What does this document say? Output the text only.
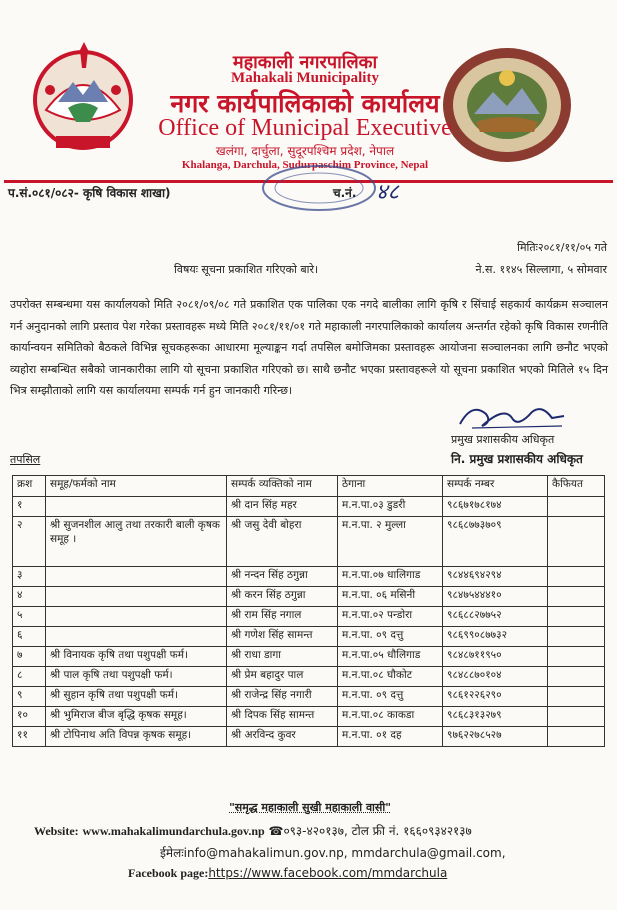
महाकाली नगरपालिका
Mahakali Municipality
नगर कार्यपालिकाको कार्यालय
Office of Municipal Executive
खलंगा, दार्चुला, सुदूरपश्चिम प्रदेश, नेपाल
Khalanga, Darchula, Sudurpaschim Province, Nepal
प.सं.०८१/०८२- कृषि विकास शाखा)	च.नं. ४८
मितिः२०८१/११/०५ गते
विषयः सूचना प्रकाशित गरिएको बारे।	ने.स. ११४५ सिल्लागा, ५ सोमवार
उपरोक्त सम्बन्धमा यस कार्यालयको मिति २०८१/०९/०८ गते प्रकाशित एक पालिका एक नगदे बालीका लागि कृषि र सिंचाई सहकार्य कार्यक्रम सञ्चालन गर्न अनुदानको लागि प्रस्ताव पेश गरेका प्रस्तावहरू मध्ये मिति २०८१/११/०१ गते महाकाली नगरपालिकाको कार्यालय अन्तर्गत रहेको कृषि विकास रणनीति कार्यान्वयन समितिको बैठकले विभिन्न सूचकहरूका आधारमा मूल्याङ्कन गर्दा तपसिल बमोजिमका प्रस्तावहरू आयोजना सञ्चालनका लागि छनौट भएको व्यहोरा सम्बन्धित सबैको जानकारीका लागि यो सूचना प्रकाशित गरिएको छ। साथै छनौट भएका प्रस्तावहरूले यो सूचना प्रकाशित भएको मितिले १५ दिन भित्र सम्झौताको लागि यस कार्यालयमा सम्पर्क गर्न हुन जानकारी गरिन्छ।
प्रमुख प्रशासकीय अधिकृत
नि. प्रमुख प्रशासकीय अधिकृत
तपसिल
क्रश	समूह/फर्मको नाम	सम्पर्क व्यक्तिको नाम	ठेगाना	सम्पर्क नम्बर	कैफियत
१		श्री दान सिंह महर	म.न.पा.०३ डुडरी	९८६७१७८१७४	
२	श्री सुजनशील आलु तथा तरकारी बाली कृषक समूह ।	श्री जसु देवी बोहरा	म.न.पा. २ मुल्ला	९८६८७७३७०९	
३		श्री नन्दन सिंह ठगुन्ना	म.न.पा.०७ धालिगाड	९८४४६९४२९४	
४		श्री करन सिंह ठगुन्ना	म.न.पा. ०६ मसिनी	९८४७५४४४१०	
५		श्री राम सिंह नगाल	म.न.पा.०२ पन्डोरा	९८६८८२७७५२	
६		श्री गणेश सिंह सामन्त	म.न.पा. ०९ दत्तु	९८६९९०८७७३२	
७	श्री विनायक कृषि तथा पशुपक्षी फर्म।	श्री राधा डागा	म.न.पा.०५ धौलिगाड	९८४८७११९५०	
८	श्री पाल कृषि तथा पशुपक्षी फर्म।	श्री प्रेम बहादुर पाल	म.न.पा.०८ घौकोट	९८४८८७०१०४	
९	श्री सुहान कृषि तथा पशुपक्षी फर्म।	श्री राजेन्द्र सिंह नगारी	म.न.पा. ०९ दत्तु	९८६१२२६२९०	
१०	श्री भुमिराज बीज बृद्धि कृषक समूह।	श्री दिपक सिंह सामन्त	म.न.पा.०८ काकडा	९८६८३१३२७९	
११	श्री टोपिनाथ अति विपन्न कृषक समूह।	श्री अरविन्द कुवर	म.न.पा. ०१ दह	९७६२२७८५२७	
"समृद्ध महाकाली सुखी महाकाली वासी"
Website: www.mahakalimundarchula.gov.np ☎०९३-४२०१३७, टोल फ्री नं. १६६०९३४२१३७
ईमेलःinfo@mahakalimun.gov.np, mmdarchula@gmail.com,
Facebook page:https://www.facebook.com/mmdarchula
